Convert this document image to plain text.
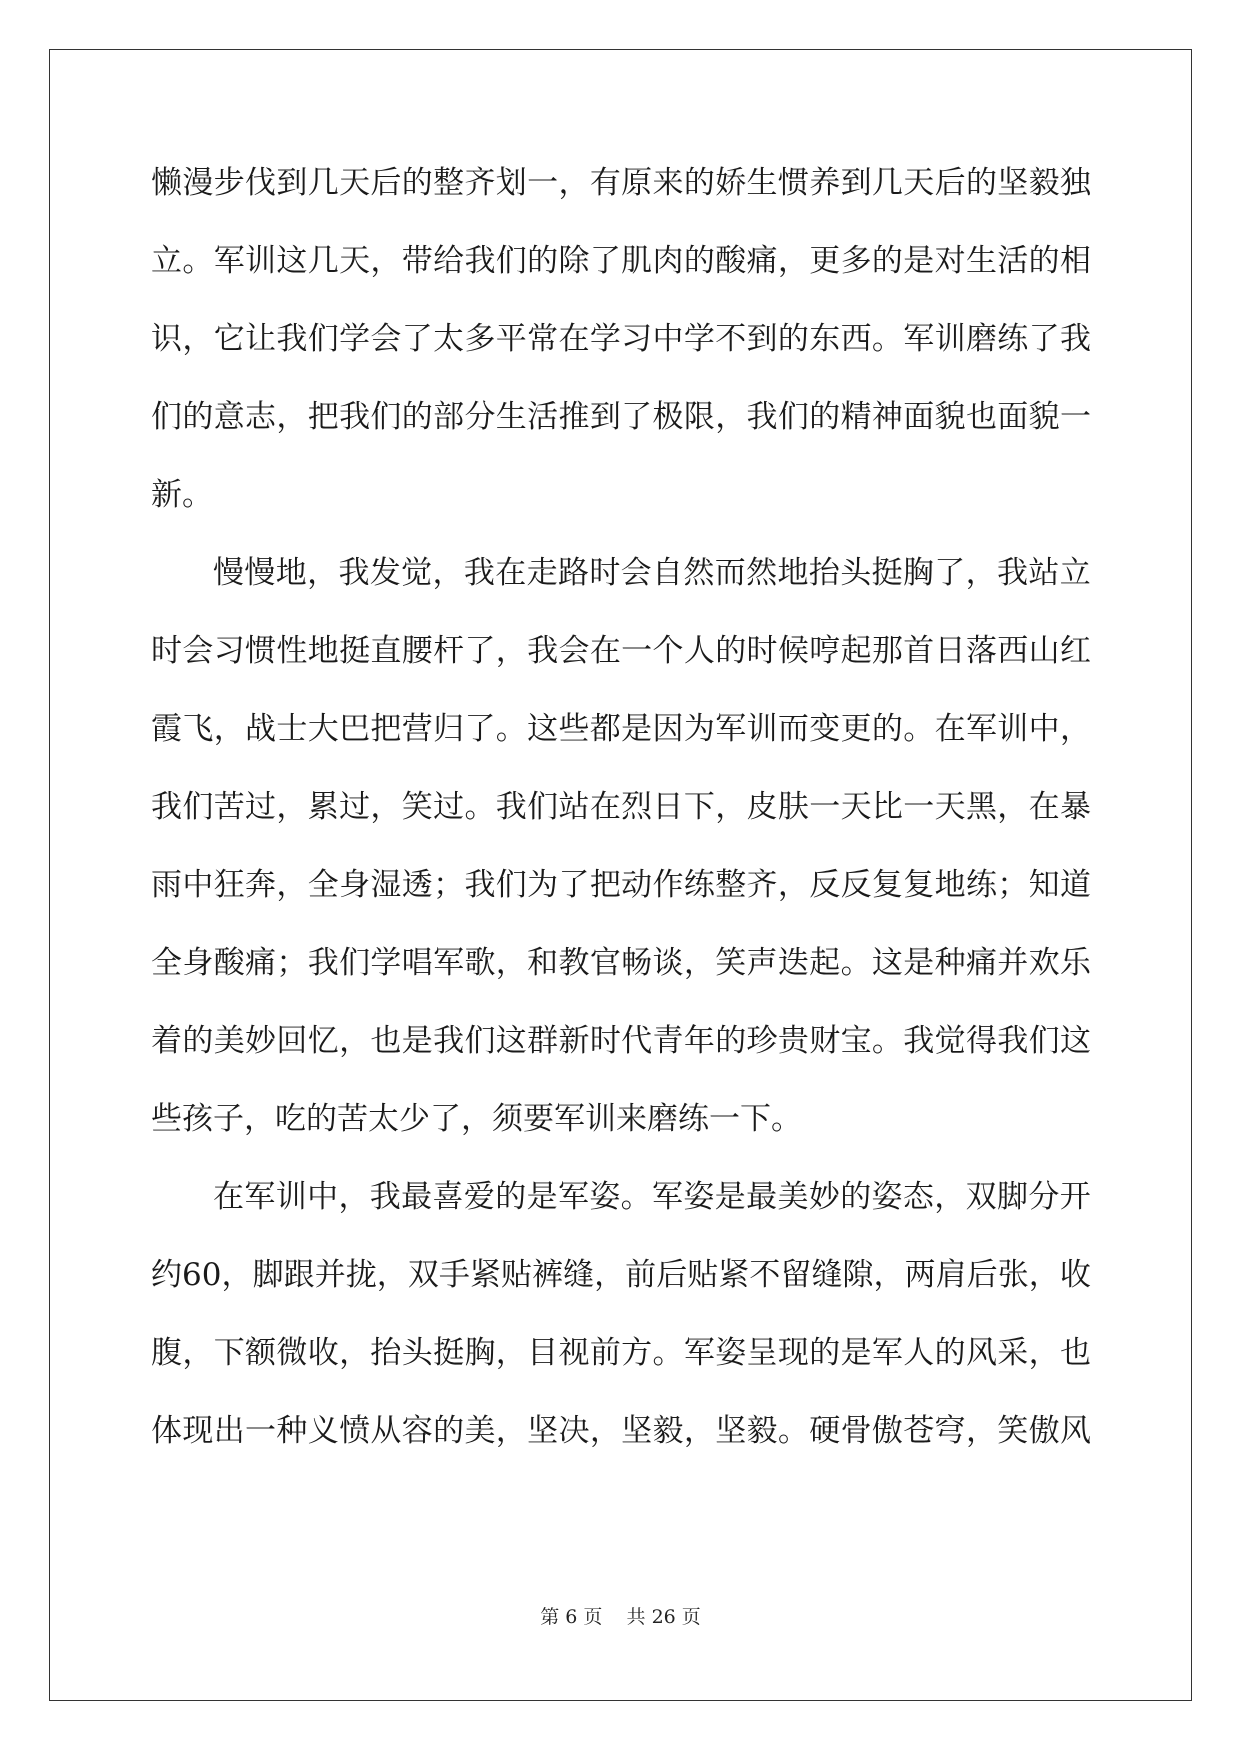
懒 漫 步 伐 到 几 天 后 的 整 齐 划 一 ， 有 原 来 的 娇 生 惯 养 到 几 天 后 的 坚 毅 独
立 。 军 训 这 几 天 ， 带 给 我 们 的 除 了 肌 肉 的 酸 痛 ， 更 多 的 是 对 生 活 的 相
识 ， 它 让 我 们 学 会 了 太 多 平 常 在 学 习 中 学 不 到 的 东 西 。 军 训 磨 练 了 我
们 的 意 志 ， 把 我 们 的 部 分 生 活 推 到 了 极 限 ， 我 们 的 精 神 面 貌 也 面 貌 一
新。
慢 慢 地 ， 我 发 觉 ， 我 在 走 路 时 会 自 然 而 然 地 抬 头 挺 胸 了 ， 我 站 立
时 会 习 惯 性 地 挺 直 腰 杆 了 ， 我 会 在 一 个 人 的 时 候 哼 起 那 首 日 落 西 山 红
霞 飞 ， 战 士 大 巴 把 营 归 了 。 这 些 都 是 因 为 军 训 而 变 更 的 。 在 军 训 中 ，
我 们 苦 过 ， 累 过 ， 笑 过 。 我 们 站 在 烈 日 下 ， 皮 肤 一 天 比 一 天 黑 ， 在 暴
雨 中 狂 奔 ， 全 身 湿 透 ； 我 们 为 了 把 动 作 练 整 齐 ， 反 反 复 复 地 练 ； 知 道
全 身 酸 痛 ； 我 们 学 唱 军 歌 ， 和 教 官 畅 谈 ， 笑 声 迭 起 。 这 是 种 痛 并 欢 乐
着 的 美 妙 回 忆 ， 也 是 我 们 这 群 新 时 代 青 年 的 珍 贵 财 宝 。 我 觉 得 我 们 这
些孩子，吃的苦太少了，须要军训来磨练一下。
在 军 训 中 ， 我 最 喜 爱 的 是 军 姿 。 军 姿 是 最 美 妙 的 姿 态 ， 双 脚 分 开
约 60 ， 脚 跟 并 拢 ， 双 手 紧 贴 裤 缝 ， 前 后 贴 紧 不 留 缝 隙 ， 两 肩 后 张 ， 收
腹 ， 下 额 微 收 ， 抬 头 挺 胸 ， 目 视 前 方 。 军 姿 呈 现 的 是 军 人 的 风 采 ， 也
体 现 出 一 种 义 愤 从 容 的 美 ， 坚 决 ， 坚 毅 ， 坚 毅 。 硬 骨 傲 苍 穹 ， 笑 傲 风
第 6 页 共 26 页
